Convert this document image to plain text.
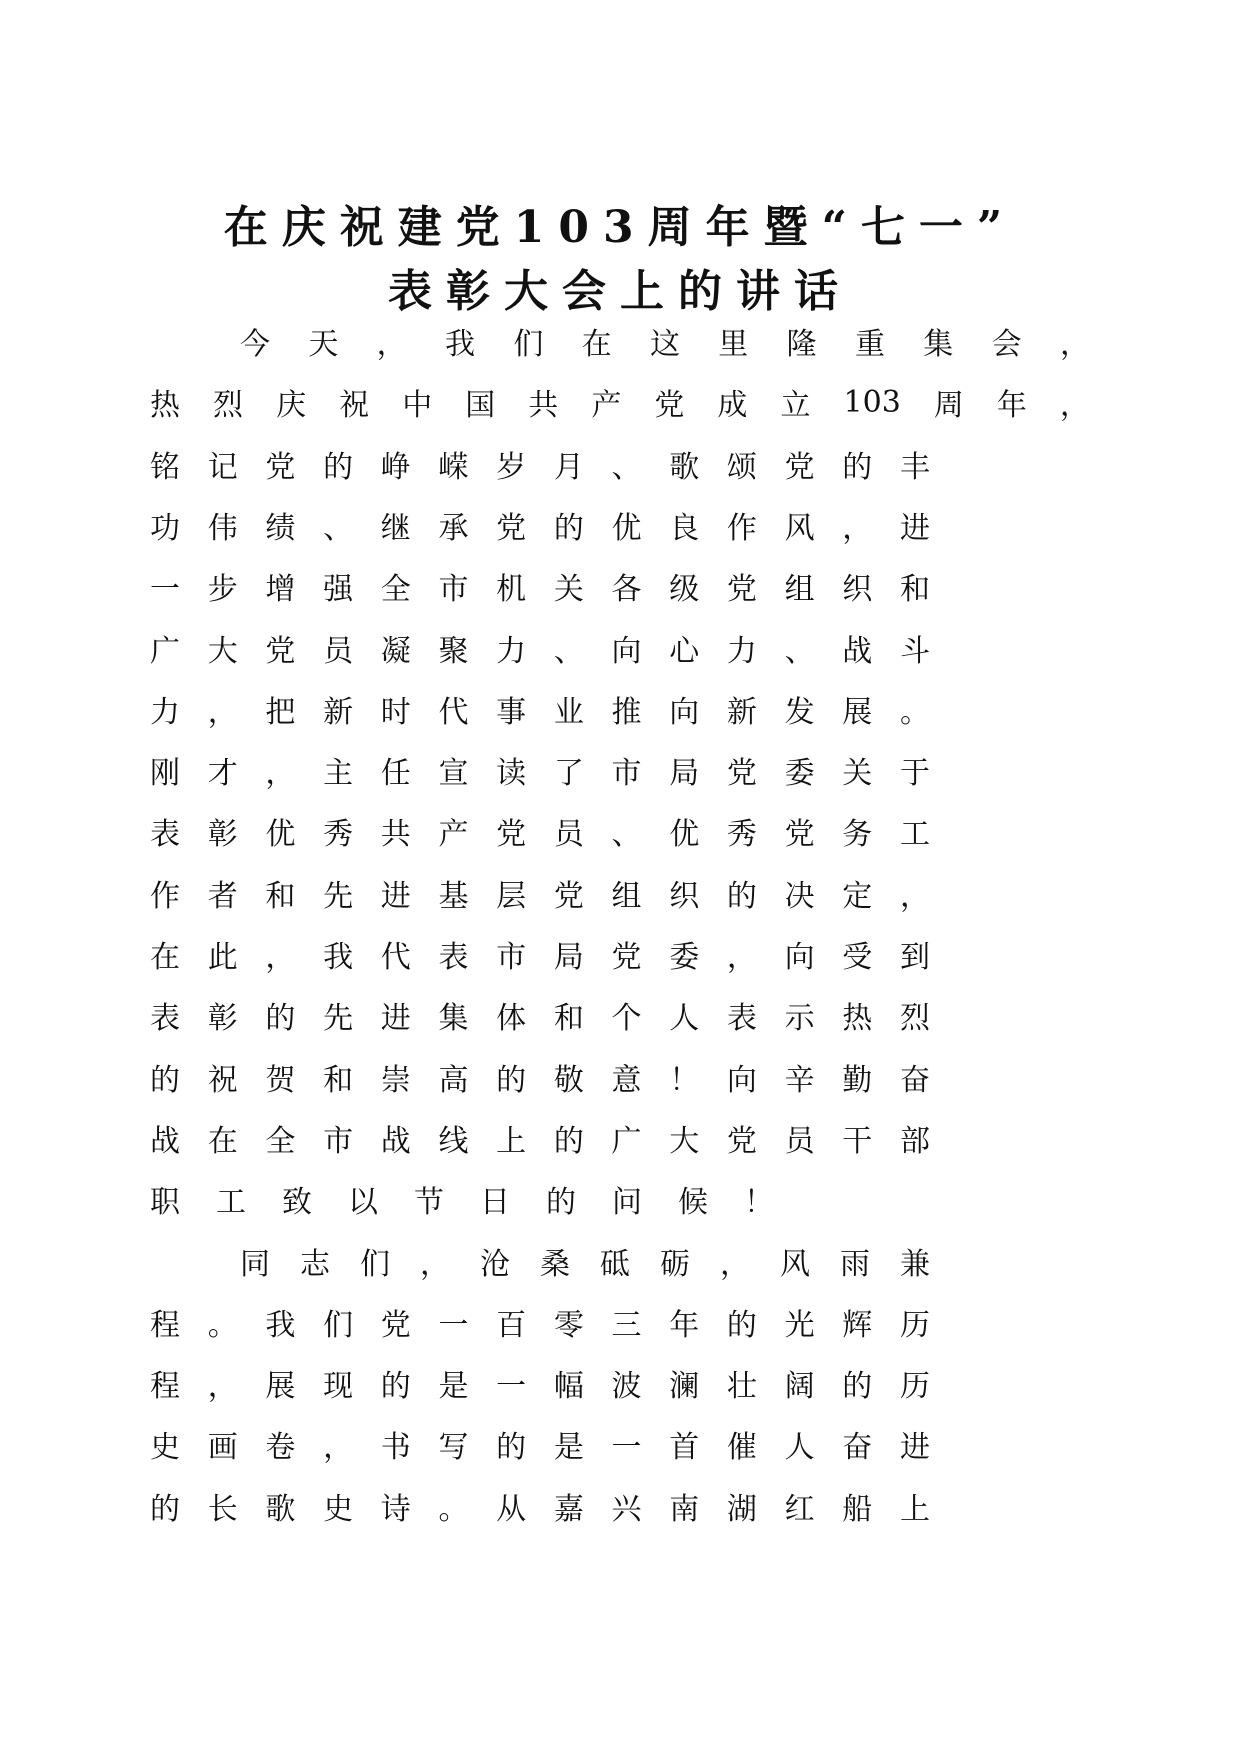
在庆祝建党103周年暨“七一”
表彰大会上的讲话
今 天 ， 我 们 在 这 里 隆 重 集 会 ，
热 烈 庆 祝 中 国 共 产 党 成 立 103 周 年 ，
铭 记 党 的 峥 嵘 岁 月 、 歌 颂 党 的 丰
功 伟 绩 、 继 承 党 的 优 良 作 风 ， 进
一 步 增 强 全 市 机 关 各 级 党 组 织 和
广 大 党 员 凝 聚 力 、 向 心 力 、 战 斗
力 ， 把 新 时 代 事 业 推 向 新 发 展 。
刚 才 ， 主 任 宣 读 了 市 局 党 委 关 于
表 彰 优 秀 共 产 党 员 、 优 秀 党 务 工
作 者 和 先 进 基 层 党 组 织 的 决 定 ，
在 此 ， 我 代 表 市 局 党 委 ， 向 受 到
表 彰 的 先 进 集 体 和 个 人 表 示 热 烈
的 祝 贺 和 崇 高 的 敬 意 ！ 向 辛 勤 奋
战 在 全 市 战 线 上 的 广 大 党 员 干 部
职 工 致 以 节 日 的 问 候 ！
同 志 们 ， 沧 桑 砥 砺 ， 风 雨 兼
程 。 我 们 党 一 百 零 三 年 的 光 辉 历
程 ， 展 现 的 是 一 幅 波 澜 壮 阔 的 历
史 画 卷 ， 书 写 的 是 一 首 催 人 奋 进
的 长 歌 史 诗 。 从 嘉 兴 南 湖 红 船 上
